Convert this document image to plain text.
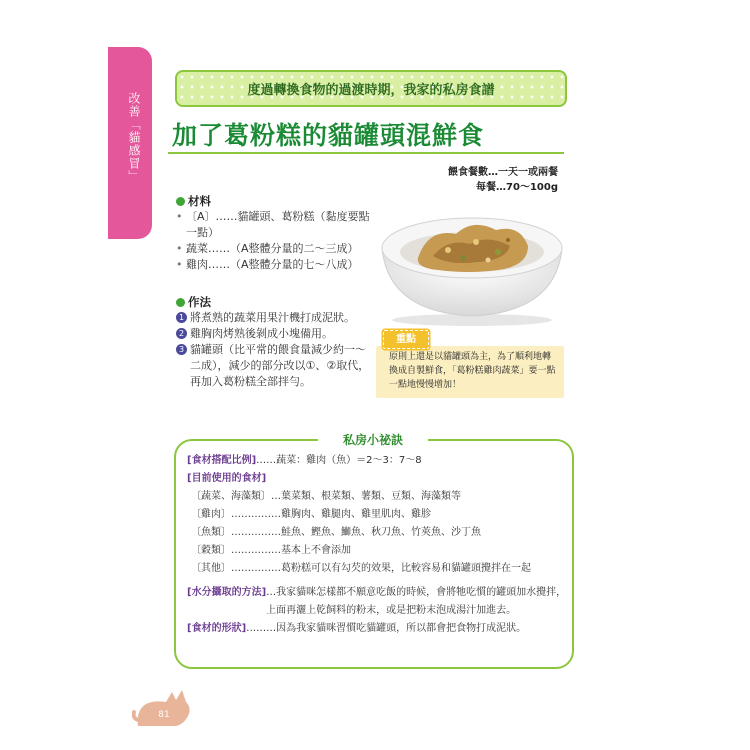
改善「貓感冒」
度過轉換食物的過渡時期，我家的私房食譜
加了葛粉糕的貓罐頭混鮮食
餵食餐數…一天一或兩餐
每餐…70〜100g
材料
• 〔A〕……貓罐頭、葛粉糕（黏度要點一點）
• 蔬菜……（A整體分量的二〜三成）
• 雞肉……（A整體分量的七〜八成）
作法
1 將煮熟的蔬菜用果汁機打成泥狀。
2 雞胸肉烤熟後剝成小塊備用。
3 貓罐頭（比平常的餵食量減少約一〜二成），減少的部分改以①、②取代，再加入葛粉糕全部拌勻。
重點
原則上還是以貓罐頭為主，為了順利地轉換成自製鮮食，「葛粉糕雞肉蔬菜」要一點一點地慢慢增加！
私房小祕訣
[食材搭配比例] ……蔬菜：雞肉（魚）＝2〜3：7〜8
[目前使用的食材]
〔蔬菜、海藻類〕 …葉菜類、根菜類、薯類、豆類、海藻類等
〔雞肉〕 ……………雞胸肉、雞腿肉、雞里肌肉、雞胗
〔魚類〕 ……………鮭魚、鰹魚、鰤魚、秋刀魚、竹莢魚、沙丁魚
〔穀類〕 ……………基本上不會添加
〔其他〕 ……………葛粉糕可以有勾芡的效果，比較容易和貓罐頭攪拌在一起
[水分攝取的方法] …我家貓咪怎樣都不願意吃飯的時候，會將牠吃慣的罐頭加水攪拌，上面再灑上乾飼料的粉末，或是把粉末泡成湯汁加進去。
[食材的形狀] ………因為我家貓咪習慣吃貓罐頭，所以都會把食物打成泥狀。
81
